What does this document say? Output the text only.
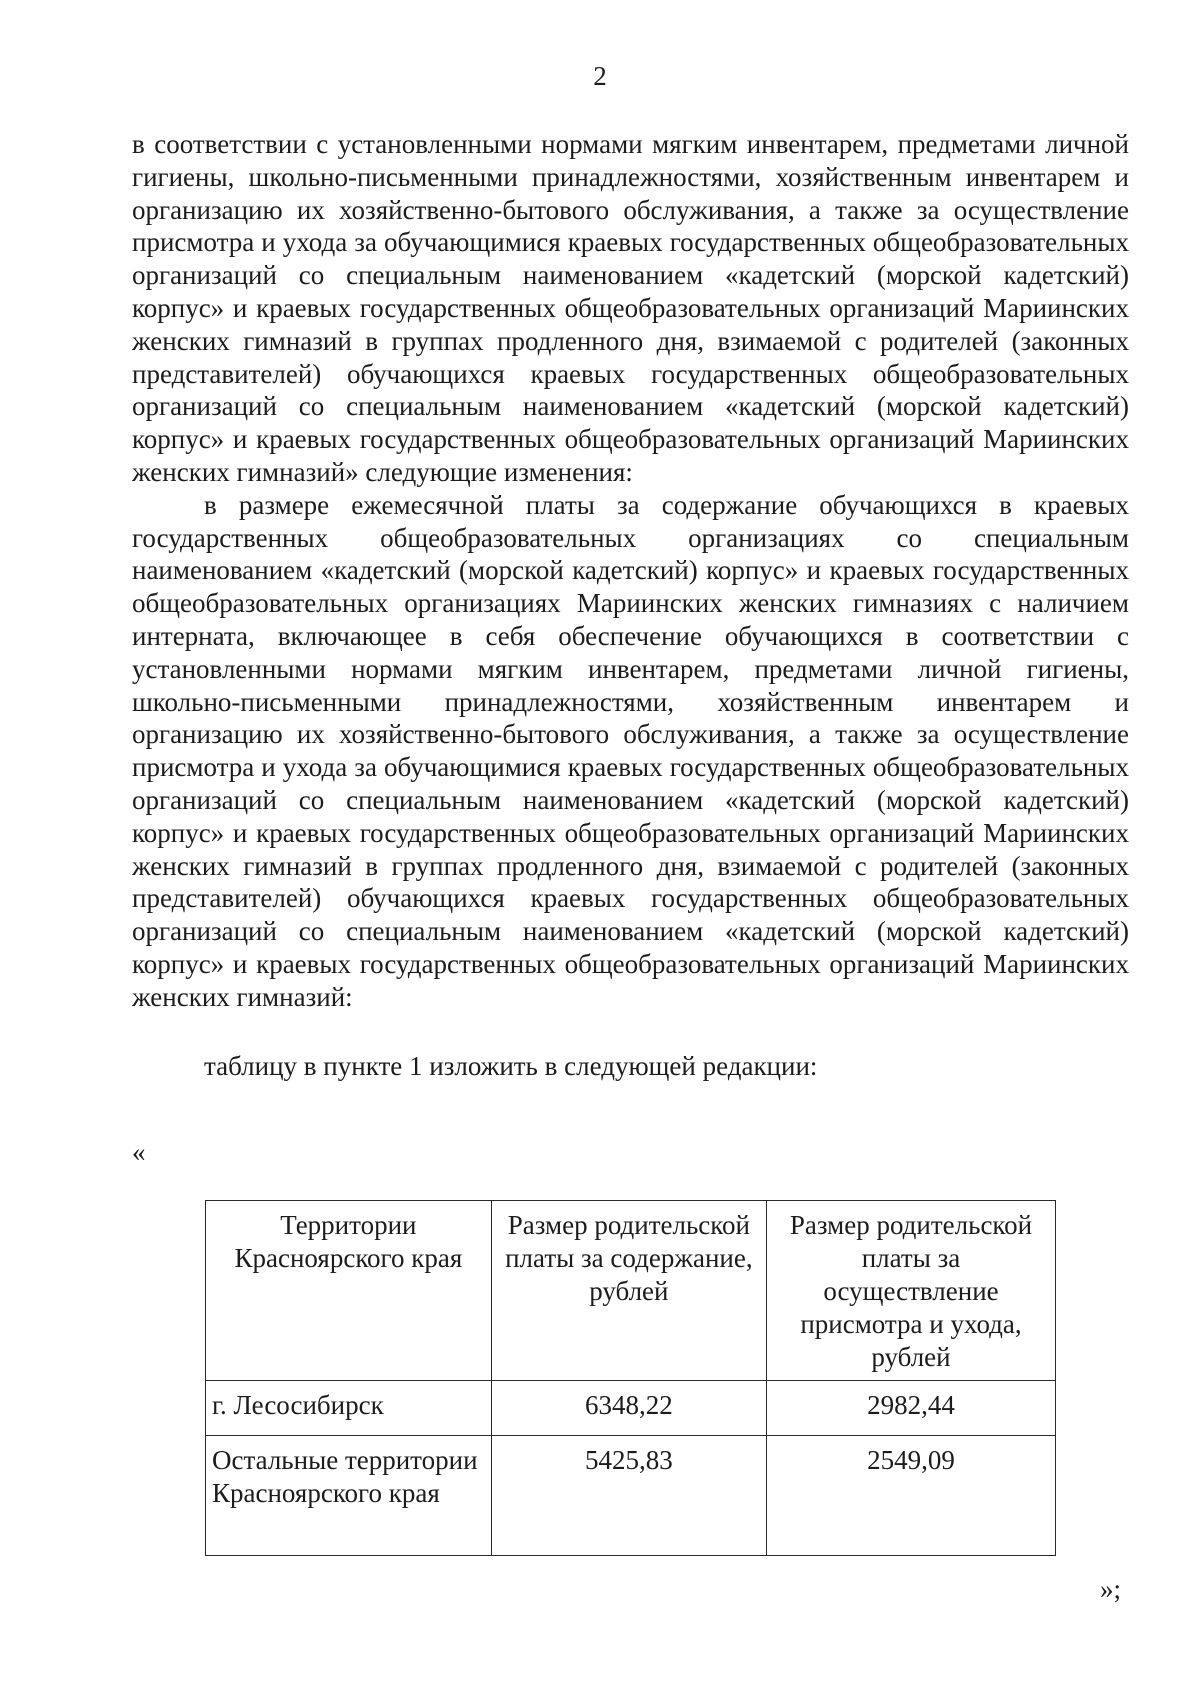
2

в соответствии с установленными нормами мягким инвентарем, предметами личной гигиены, школьно-письменными принадлежностями, хозяйственным инвентарем и организацию их хозяйственно-бытового обслуживания, а также за осуществление присмотра и ухода за обучающимися краевых государственных общеобразовательных организаций со специальным наименованием «кадетский (морской кадетский) корпус» и краевых государственных общеобразовательных организаций Мариинских женских гимназий в группах продленного дня, взимаемой с родителей (законных представителей) обучающихся краевых государственных общеобразовательных организаций со специальным наименованием «кадетский (морской кадетский) корпус» и краевых государственных общеобразовательных организаций Мариинских женских гимназий» следующие изменения:

в размере ежемесячной платы за содержание обучающихся в краевых государственных общеобразовательных организациях со специальным наименованием «кадетский (морской кадетский) корпус» и краевых государственных общеобразовательных организациях Мариинских женских гимназиях с наличием интерната, включающее в себя обеспечение обучающихся в соответствии с установленными нормами мягким инвентарем, предметами личной гигиены, школьно-письменными принадлежностями, хозяйственным инвентарем и организацию их хозяйственно-бытового обслуживания, а также за осуществление присмотра и ухода за обучающимися краевых государственных общеобразовательных организаций со специальным наименованием «кадетский (морской кадетский) корпус» и краевых государственных общеобразовательных организаций Мариинских женских гимназий в группах продленного дня, взимаемой с родителей (законных представителей) обучающихся краевых государственных общеобразовательных организаций со специальным наименованием «кадетский (морской кадетский) корпус» и краевых государственных общеобразовательных организаций Мариинских женских гимназий:

таблицу в пункте 1 изложить в следующей редакции:

«
Территории Красноярского края	Размер родительской платы за содержание, рублей	Размер родительской платы за осуществление присмотра и ухода, рублей
г. Лесосибирск	6348,22	2982,44
Остальные территории Красноярского края	5425,83	2549,09
»;
